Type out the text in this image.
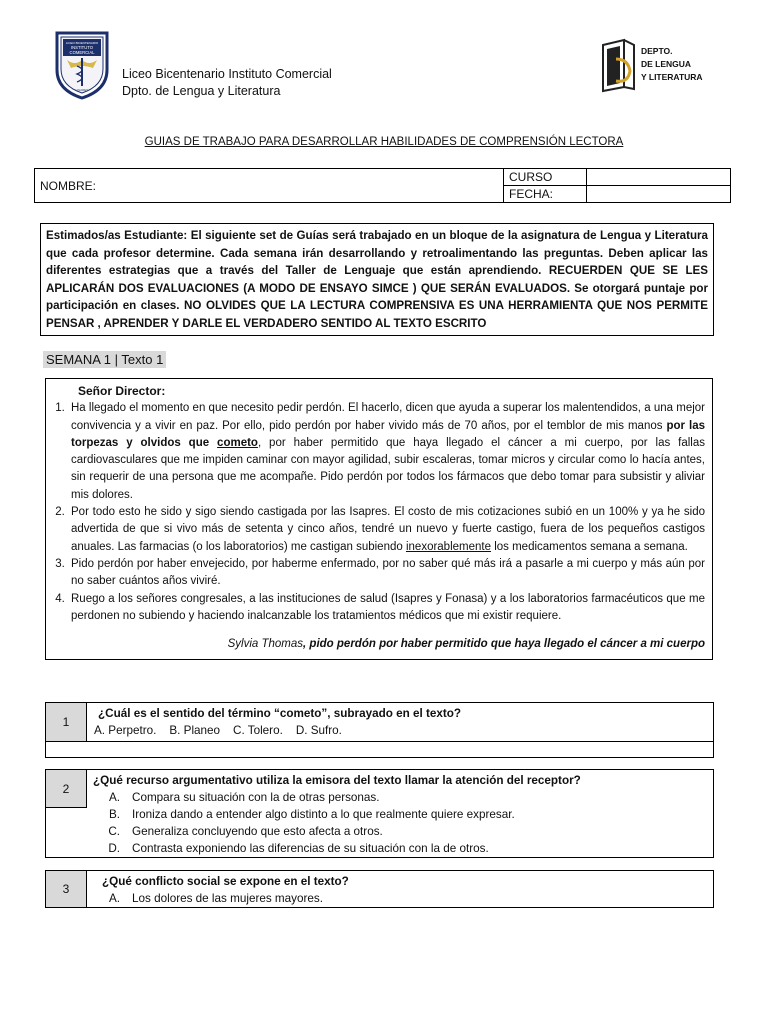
LICEO BICENTENARIO
INSTITUTO
COMERCIAL
LINARES
Liceo Bicentenario Instituto Comercial
Dpto. de Lengua y Literatura
DEPTO.
DE LENGUA
Y LITERATURA
GUIAS DE TRABAJO PARA DESARROLLAR HABILIDADES DE COMPRENSIÓN LECTORA
NOMBRE:	CURSO	
	FECHA:	
Estimados/as Estudiante: El siguiente set de Guías será trabajado en un bloque de la asignatura de Lengua y Literatura que cada profesor determine. Cada semana irán desarrollando y retroalimentando las preguntas. Deben aplicar las diferentes estrategias que a través del Taller de Lenguaje que están aprendiendo. RECUERDEN QUE SE LES APLICARÁN DOS EVALUACIONES (A MODO DE ENSAYO SIMCE ) QUE SERÁN EVALUADOS. Se otorgará puntaje por participación en clases. NO OLVIDES QUE LA LECTURA COMPRENSIVA ES UNA HERRAMIENTA QUE NOS PERMITE PENSAR , APRENDER Y DARLE EL VERDADERO SENTIDO AL TEXTO ESCRITO
SEMANA 1 | Texto 1
Señor Director:
1. Ha llegado el momento en que necesito pedir perdón. El hacerlo, dicen que ayuda a superar los malentendidos, a una mejor convivencia y a vivir en paz. Por ello, pido perdón por haber vivido más de 70 años, por el temblor de mis manos por las torpezas y olvidos que cometo, por haber permitido que haya llegado el cáncer a mi cuerpo, por las fallas cardiovasculares que me impiden caminar con mayor agilidad, subir escaleras, tomar micros y circular como lo hacía antes, sin requerir de una persona que me acompañe. Pido perdón por todos los fármacos que debo tomar para subsistir y aliviar mis dolores.
2. Por todo esto he sido y sigo siendo castigada por las Isapres. El costo de mis cotizaciones subió en un 100% y ya he sido advertida de que si vivo más de setenta y cinco años, tendré un nuevo y fuerte castigo, fuera de los pequeños castigos anuales. Las farmacias (o los laboratorios) me castigan subiendo inexorablemente los medicamentos semana a semana.
3. Pido perdón por haber envejecido, por haberme enfermado, por no saber qué más irá a pasarle a mi cuerpo y más aún por no saber cuántos años viviré.
4. Ruego a los señores congresales, a las instituciones de salud (Isapres y Fonasa) y a los laboratorios farmacéuticos que me perdonen no subiendo y haciendo inalcanzable los tratamientos médicos que mi existir requiere.
Sylvia Thomas, pido perdón por haber permitido que haya llegado el cáncer a mi cuerpo
1
¿Cuál es el sentido del término “cometo”, subrayado en el texto?
A. Perpetro.    B. Planeo    C. Tolero.    D. Sufro.
2
¿Qué recurso argumentativo utiliza la emisora del texto llamar la atención del receptor?
A.	Compara su situación con la de otras personas.
B.	Ironiza dando a entender algo distinto a lo que realmente quiere expresar.
C.	Generaliza concluyendo que esto afecta a otros.
D.	Contrasta exponiendo las diferencias de su situación con la de otros.
3
¿Qué conflicto social se expone en el texto?
A.	Los dolores de las mujeres mayores.
